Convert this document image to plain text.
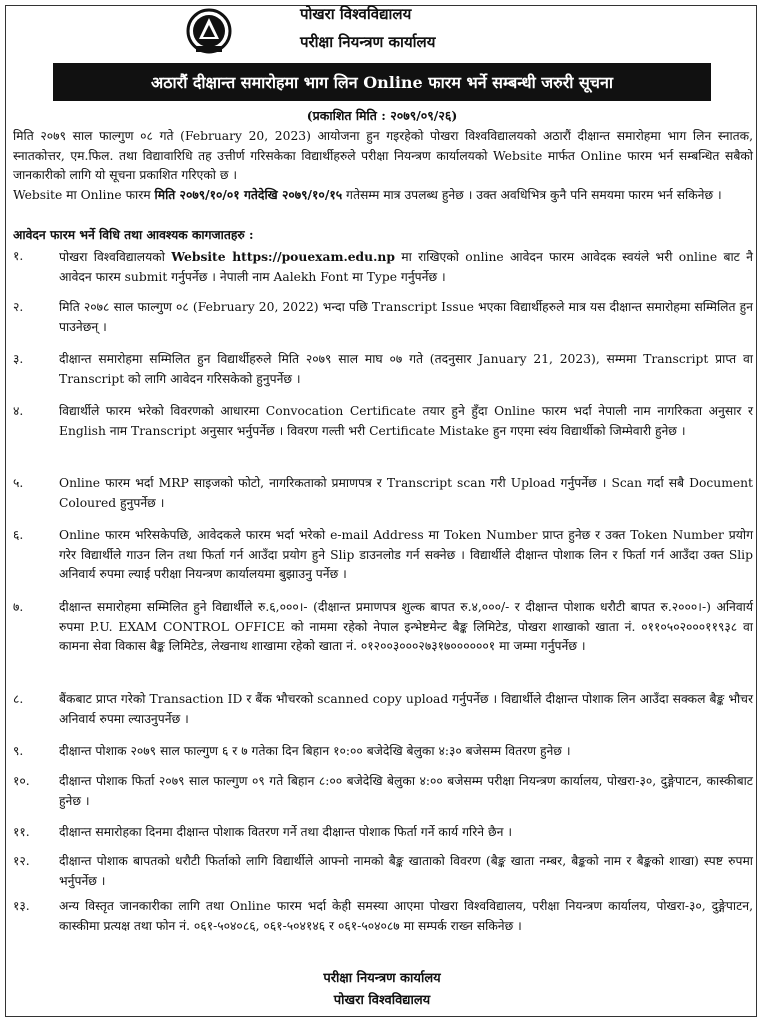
पोखरा विश्वविद्यालय
परीक्षा नियन्त्रण कार्यालय
अठारौं दीक्षान्त समारोहमा भाग लिन Online फारम भर्ने सम्बन्धी जरुरी सूचना
(प्रकाशित मिति : २०७९/०९/२६)
मिति २०७९ साल फाल्गुण ०८ गते (February 20, 2023) आयोजना हुन गइरहेको पोखरा विश्वविद्यालयको अठारौं दीक्षान्त समारोहमा भाग लिन स्नातक, स्नातकोत्तर, एम.फिल. तथा विद्यावारिधि तह उत्तीर्ण गरिसकेका विद्यार्थीहरुले परीक्षा नियन्त्रण कार्यालयको Website मार्फत Online फारम भर्न सम्बन्धित सबैको जानकारीको लागि यो सूचना प्रकाशित गरिएको छ ।
Website मा Online फारम मिति २०७९/१०/०१ गतेदेखि २०७९/१०/१५ गतेसम्म मात्र उपलब्ध हुनेछ । उक्त अवधिभित्र कुनै पनि समयमा फारम भर्न सकिनेछ ।
आवेदन फारम भर्ने विधि तथा आवश्यक कागजातहरु :
१.	पोखरा विश्वविद्यालयको Website https://pouexam.edu.np मा राखिएको online आवेदन फारम आवेदक स्वयंले भरी online बाट नै आवेदन फारम submit गर्नुपर्नेछ । नेपाली नाम Aalekh Font मा Type गर्नुपर्नेछ ।
२.	मिति २०७८ साल फाल्गुण ०८ (February 20, 2022) भन्दा पछि Transcript Issue भएका विद्यार्थीहरुले मात्र यस दीक्षान्त समारोहमा सम्मिलित हुन पाउनेछन् ।
३.	दीक्षान्त समारोहमा सम्मिलित हुन विद्यार्थीहरुले मिति २०७९ साल माघ ०७ गते (तदनुसार January 21, 2023), सम्ममा Transcript प्राप्त वा Transcript को लागि आवेदन गरिसकेको हुनुपर्नेछ ।
४.	विद्यार्थीले फारम भरेको विवरणको आधारमा Convocation Certificate तयार हुने हुँदा Online फारम भर्दा नेपाली नाम नागरिकता अनुसार र English नाम Transcript अनुसार भर्नुपर्नेछ । विवरण गल्ती भरी Certificate Mistake हुन गएमा स्वंय विद्यार्थीको जिम्मेवारी हुनेछ ।
५.	Online फारम भर्दा MRP साइजको फोटो, नागरिकताको प्रमाणपत्र र Transcript scan गरी Upload गर्नुपर्नेछ । Scan गर्दा सबै Document Coloured हुनुपर्नेछ ।
६.	Online फारम भरिसकेपछि, आवेदकले फारम भर्दा भरेको e-mail Address मा Token Number प्राप्त हुनेछ र उक्त Token Number प्रयोग गरेर विद्यार्थीले गाउन लिन तथा फिर्ता गर्न आउँदा प्रयोग हुने Slip डाउनलोड गर्न सक्नेछ । विद्यार्थीले दीक्षान्त पोशाक लिन र फिर्ता गर्न आउँदा उक्त Slip अनिवार्य रुपमा ल्याई परीक्षा नियन्त्रण कार्यालयमा बुझाउनु पर्नेछ ।
७.	दीक्षान्त समारोहमा सम्मिलित हुने विद्यार्थीले रु.६,०००।- (दीक्षान्त प्रमाणपत्र शुल्क बापत रु.४,०००/- र दीक्षान्त पोशाक धरौटी बापत रु.२०००।-) अनिवार्य रुपमा P.U. EXAM CONTROL OFFICE को नाममा रहेको नेपाल इन्भेष्टमेन्ट बैङ्क लिमिटेड, पोखरा शाखाको खाता नं. ०११०५०२०००११९३८ वा कामना सेवा विकास बैङ्क लिमिटेड, लेखनाथ शाखामा रहेको खाता नं. ०१२००३०००२७३१७००००००१ मा जम्मा गर्नुपर्नेछ ।
८.	बैंकबाट प्राप्त गरेको Transaction ID र बैंक भौचरको scanned copy upload गर्नुपर्नेछ । विद्यार्थीले दीक्षान्त पोशाक लिन आउँदा सक्कल बैङ्क भौचर अनिवार्य रुपमा ल्याउनुपर्नेछ ।
९.	दीक्षान्त पोशाक २०७९ साल फाल्गुण ६ र ७ गतेका दिन बिहान १०:०० बजेदेखि बेलुका ४:३० बजेसम्म वितरण हुनेछ ।
१०.	दीक्षान्त पोशाक फिर्ता २०७९ साल फाल्गुण ०९ गते बिहान ८:०० बजेदेखि बेलुका ४:०० बजेसम्म परीक्षा नियन्त्रण कार्यालय, पोखरा-३०, दुङ्गेपाटन, कास्कीबाट हुनेछ ।
११.	दीक्षान्त समारोहका दिनमा दीक्षान्त पोशाक वितरण गर्ने तथा दीक्षान्त पोशाक फिर्ता गर्ने कार्य गरिने छैन ।
१२.	दीक्षान्त पोशाक बापतको धरौटी फिर्ताको लागि विद्यार्थीले आफ्नो नामको बैङ्क खाताको विवरण (बैङ्क खाता नम्बर, बैङ्कको नाम र बैङ्कको शाखा) स्पष्ट रुपमा भर्नुपर्नेछ ।
१३.	अन्य विस्तृत जानकारीका लागि तथा Online फारम भर्दा केही समस्या आएमा पोखरा विश्वविद्यालय, परीक्षा नियन्त्रण कार्यालय, पोखरा-३०, दुङ्गेपाटन, कास्कीमा प्रत्यक्ष तथा फोन नं. ०६१-५०४०८६, ०६१-५०४१४६ र ०६१-५०४०८७ मा सम्पर्क राख्न सकिनेछ ।
परीक्षा नियन्त्रण कार्यालय
पोखरा विश्वविद्यालय
